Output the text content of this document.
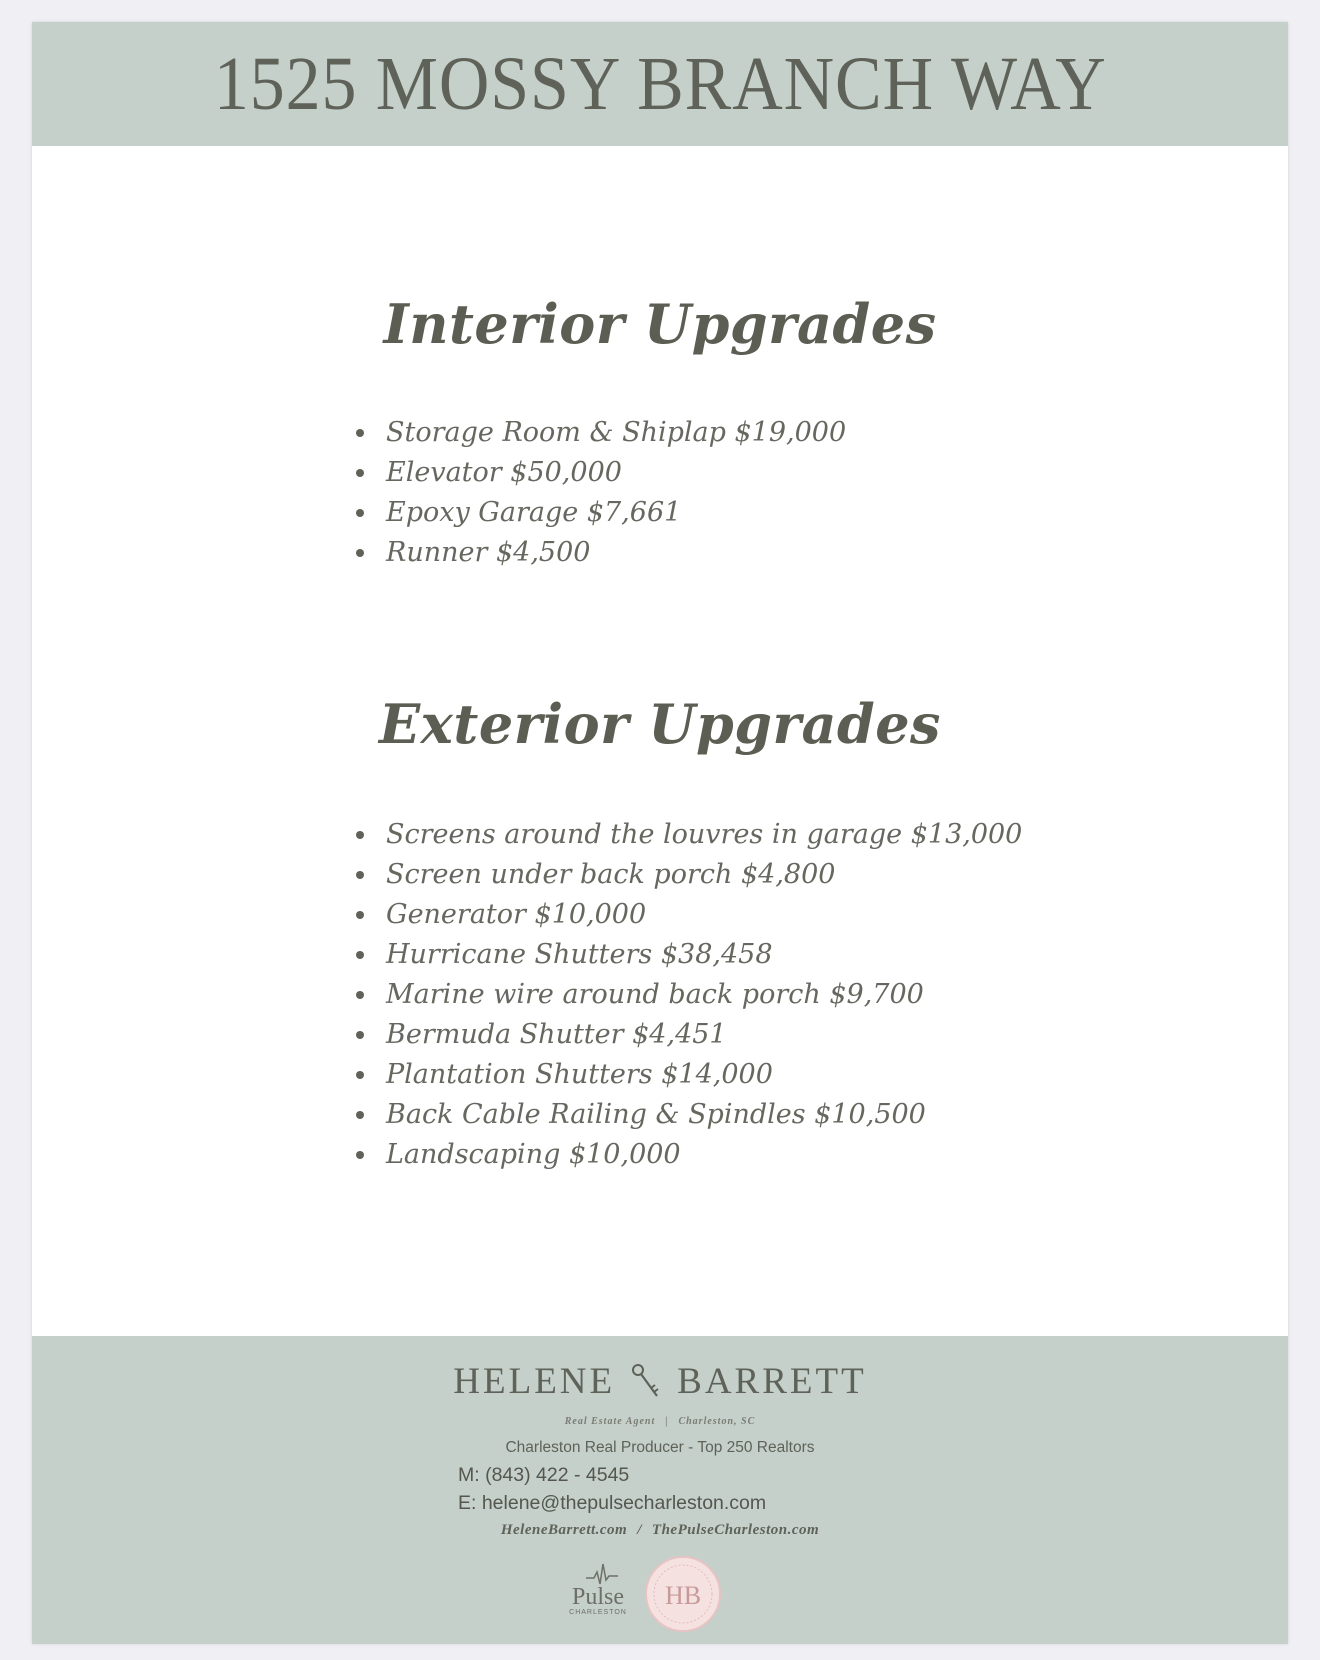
1525 MOSSY BRANCH WAY
Interior Upgrades
Storage Room & Shiplap $19,000
Elevator $50,000
Epoxy Garage $7,661
Runner $4,500
Exterior Upgrades
Screens around the louvres in garage $13,000
Screen under back porch $4,800
Generator $10,000
Hurricane Shutters $38,458
Marine wire around back porch $9,700
Bermuda Shutter $4,451
Plantation Shutters $14,000
Back Cable Railing & Spindles $10,500
Landscaping $10,000
HELENE BARRETT
Real Estate Agent | Charleston, SC
Charleston Real Producer - Top 250 Realtors
M: (843) 422 - 4545
E: helene@thepulsecharleston.com
HeleneBarrett.com / ThePulseCharleston.com
Pulse
CHARLESTON
HB
